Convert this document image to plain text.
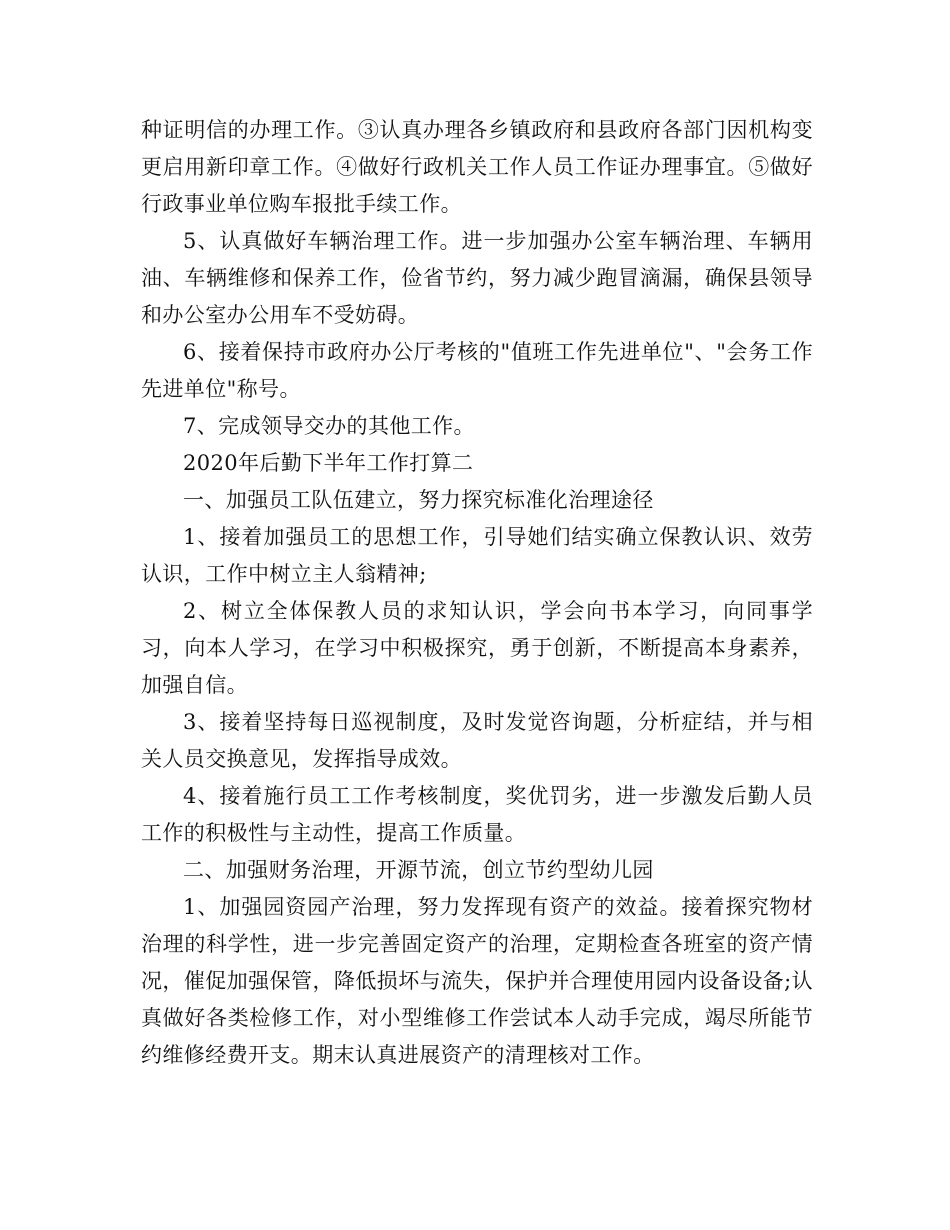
种证明信的办理工作。③认真办理各乡镇政府和县政府各部门因机构变更启用新印章工作。④做好行政机关工作人员工作证办理事宜。⑤做好行政事业单位购车报批手续工作。

5、认真做好车辆治理工作。进一步加强办公室车辆治理、车辆用油、车辆维修和保养工作，俭省节约，努力减少跑冒滴漏，确保县领导和办公室办公用车不受妨碍。

6、接着保持市政府办公厅考核的"值班工作先进单位"、"会务工作先进单位"称号。

7、完成领导交办的其他工作。

2020年后勤下半年工作打算二

一、加强员工队伍建立，努力探究标准化治理途径

1、接着加强员工的思想工作，引导她们结实确立保教认识、效劳认识，工作中树立主人翁精神;

2、树立全体保教人员的求知认识，学会向书本学习，向同事学习，向本人学习，在学习中积极探究，勇于创新，不断提高本身素养，加强自信。

3、接着坚持每日巡视制度，及时发觉咨询题，分析症结，并与相关人员交换意见，发挥指导成效。

4、接着施行员工工作考核制度，奖优罚劣，进一步激发后勤人员工作的积极性与主动性，提高工作质量。

二、加强财务治理，开源节流，创立节约型幼儿园

1、加强园资园产治理，努力发挥现有资产的效益。接着探究物材治理的科学性，进一步完善固定资产的治理，定期检查各班室的资产情况，催促加强保管，降低损坏与流失，保护并合理使用园内设备设备;认真做好各类检修工作，对小型维修工作尝试本人动手完成，竭尽所能节约维修经费开支。期末认真进展资产的清理核对工作。
